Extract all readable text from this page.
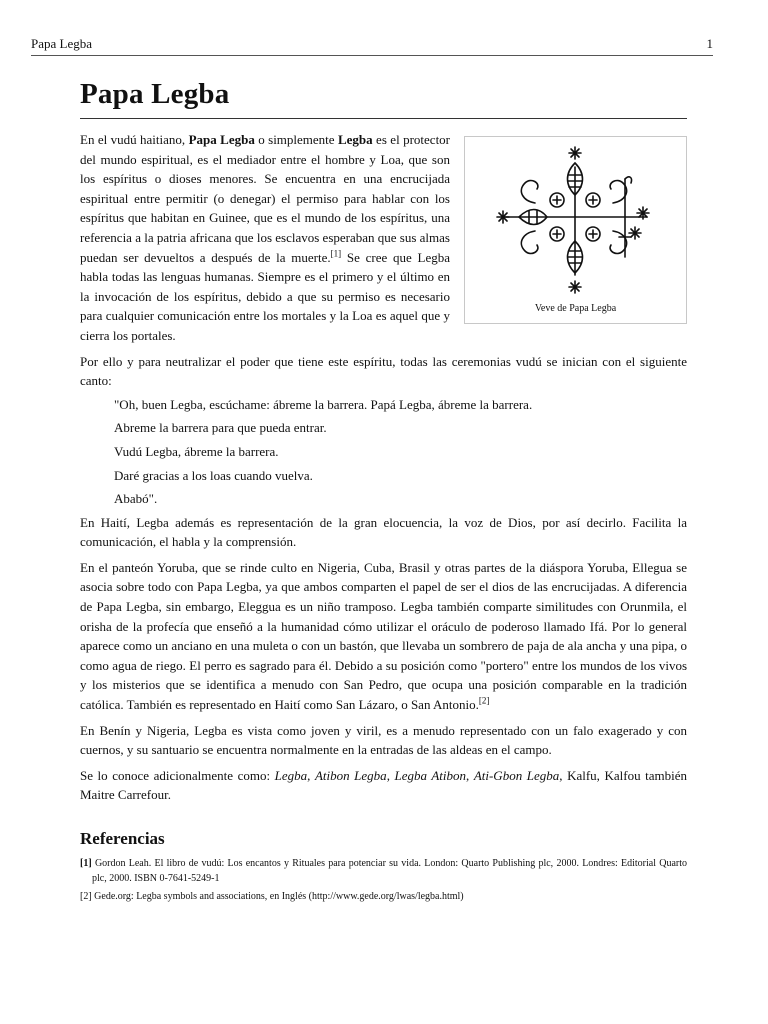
Papa Legba	1
Papa Legba
Veve de Papa Legba

En el vudú haitiano, Papa Legba o simplemente Legba es el protector del mundo espiritual, es el mediador entre el hombre y Loa, que son los espíritus o dioses menores. Se encuentra en una encrucijada espiritual entre permitir (o denegar) el permiso para hablar con los espíritus que habitan en Guinee, que es el mundo de los espíritus, una referencia a la patria africana que los esclavos esperaban que sus almas puedan ser devueltos a después de la muerte.[1] Se cree que Legba habla todas las lenguas humanas. Siempre es el primero y el último en la invocación de los espíritus, debido a que su permiso es necesario para cualquier comunicación entre los mortales y la Loa es aquel que y cierra los portales.

Por ello y para neutralizar el poder que tiene este espíritu, todas las ceremonias vudú se inician con el siguiente canto:

"Oh, buen Legba, escúchame: ábreme la barrera. Papá Legba, ábreme la barrera.
Abreme la barrera para que pueda entrar.
Vudú Legba, ábreme la barrera.
Daré gracias a los loas cuando vuelva.
Ababó".

En Haití, Legba además es representación de la gran elocuencia, la voz de Dios, por así decirlo. Facilita la comunicación, el habla y la comprensión.

En el panteón Yoruba, que se rinde culto en Nigeria, Cuba, Brasil y otras partes de la diáspora Yoruba, Ellegua se asocia sobre todo con Papa Legba, ya que ambos comparten el papel de ser el dios de las encrucijadas. A diferencia de Papa Legba, sin embargo, Eleggua es un niño tramposo. Legba también comparte similitudes con Orunmila, el orisha de la profecía que enseñó a la humanidad cómo utilizar el oráculo de poderoso llamado Ifá. Por lo general aparece como un anciano en una muleta o con un bastón, que llevaba un sombrero de paja de ala ancha y una pipa, o como agua de riego. El perro es sagrado para él. Debido a su posición como "portero" entre los mundos de los vivos y los misterios que se identifica a menudo con San Pedro, que ocupa una posición comparable en la tradición católica. También es representado en Haití como San Lázaro, o San Antonio.[2]

En Benín y Nigeria, Legba es vista como joven y viril, es a menudo representado con un falo exagerado y con cuernos, y su santuario se encuentra normalmente en la entradas de las aldeas en el campo.

Se lo conoce adicionalmente como: Legba, Atibon Legba, Legba Atibon, Ati-Gbon Legba, Kalfu, Kalfou también Maitre Carrefour.

Referencias

[1] Gordon Leah. El libro de vudú: Los encantos y Rituales para potenciar su vida. London: Quarto Publishing plc, 2000. Londres: Editorial Quarto plc, 2000. ISBN 0-7641-5249-1

[2] Gede.org: Legba symbols and associations, en Inglés (http://www.gede.org/lwas/legba.html)
